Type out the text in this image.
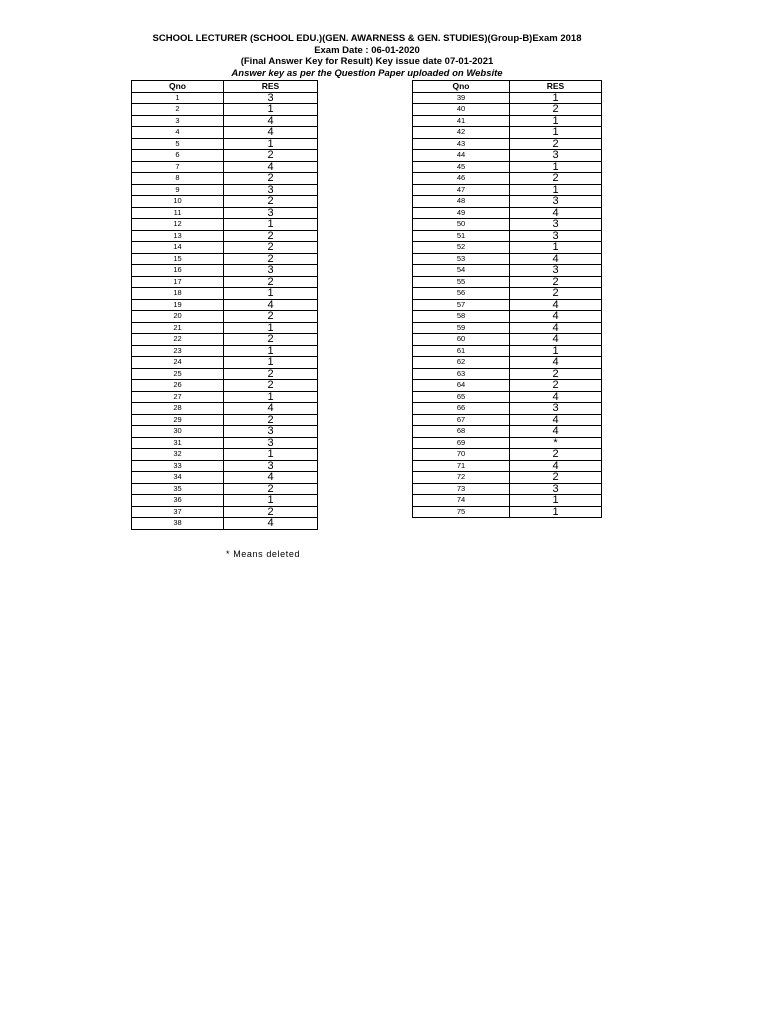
SCHOOL LECTURER (SCHOOL EDU.)(GEN. AWARNESS & GEN. STUDIES)(Group-B)Exam 2018
Exam Date : 06-01-2020
(Final Answer Key for Result) Key issue date 07-01-2021
Answer key as per the Question Paper uploaded on Website
Qno	RES
1	3
2	1
3	4
4	4
5	1
6	2
7	4
8	2
9	3
10	2
11	3
12	1
13	2
14	2
15	2
16	3
17	2
18	1
19	4
20	2
21	1
22	2
23	1
24	1
25	2
26	2
27	1
28	4
29	2
30	3
31	3
32	1
33	3
34	4
35	2
36	1
37	2
38	4
Qno	RES
39	1
40	2
41	1
42	1
43	2
44	3
45	1
46	2
47	1
48	3
49	4
50	3
51	3
52	1
53	4
54	3
55	2
56	2
57	4
58	4
59	4
60	4
61	1
62	4
63	2
64	2
65	4
66	3
67	4
68	4
69	*
70	2
71	4
72	2
73	3
74	1
75	1
* Means deleted
